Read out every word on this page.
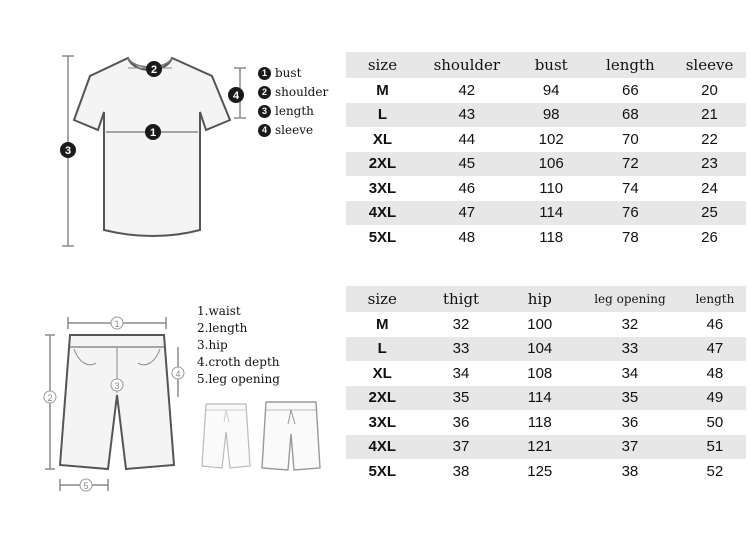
2
1
3
4
1 bust
2 shoulder
3 length
4 sleeve
size	shoulder	bust	length	sleeve
M	42	94	66	20
L	43	98	68	21
XL	44	102	70	22
2XL	45	106	72	23
3XL	46	110	74	24
4XL	47	114	76	25
5XL	48	118	78	26
1
2
3
4
5
1.waist
2.length
3.hip
4.croth depth
5.leg opening
size	thigt	hip	leg opening	length
M	32	100	32	46
L	33	104	33	47
XL	34	108	34	48
2XL	35	114	35	49
3XL	36	118	36	50
4XL	37	121	37	51
5XL	38	125	38	52
